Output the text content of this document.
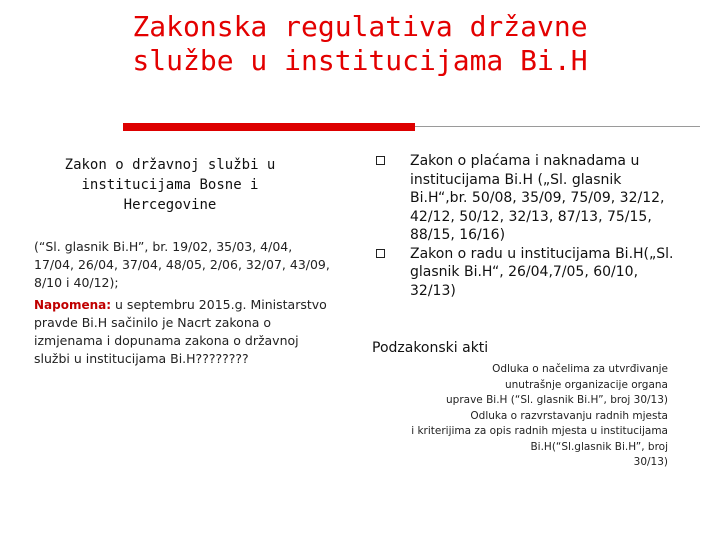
Zakonska regulativa državne
službe u institucijama Bi.H
Zakon o državnoj službi u institucijama Bosne i Hercegovine
(“Sl. glasnik Bi.H”, br. 19/02, 35/03, 4/04, 17/04, 26/04, 37/04, 48/05, 2/06, 32/07, 43/09, 8/10 i 40/12);
Napomena: u septembru 2015.g. Ministarstvo pravde Bi.H sačinilo je Nacrt zakona o izmjenama i dopunama zakona o državnoj službi u institucijama Bi.H????????
Zakon o plaćama i naknadama u institucijama Bi.H („Sl. glasnik Bi.H“,br. 50/08, 35/09, 75/09, 32/12, 42/12, 50/12, 32/13, 87/13, 75/15, 88/15, 16/16)
Zakon o radu u institucijama Bi.H(„Sl. glasnik Bi.H“, 26/04,7/05, 60/10, 32/13)
Podzakonski akti
Odluka o načelima za utvrđivanje
unutrašnje organizacije organa
uprave Bi.H (“Sl. glasnik Bi.H”, broj 30/13)
Odluka o razvrstavanju radnih mjesta
i kriterijima za opis radnih mjesta u institucijama
Bi.H(“Sl.glasnik Bi.H”, broj
30/13)
